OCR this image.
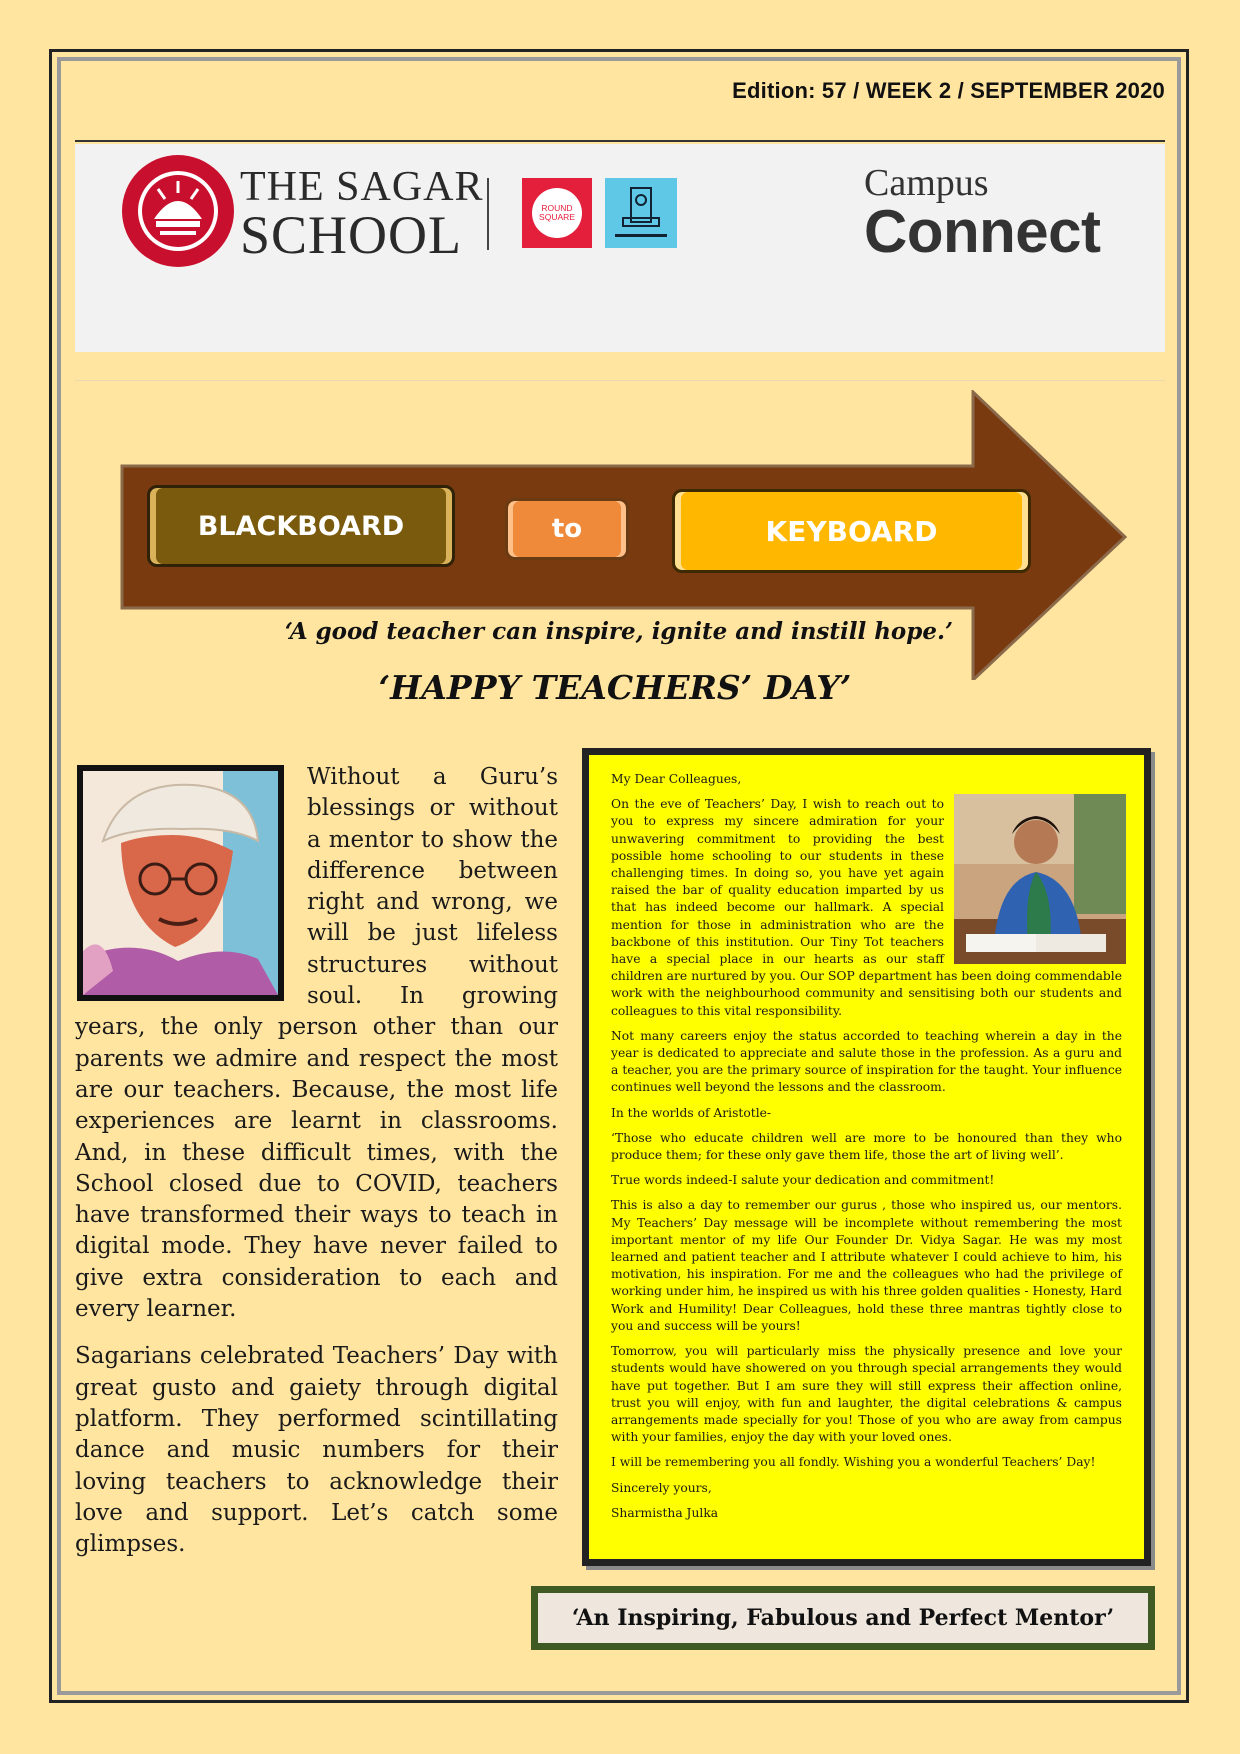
Edition: 57 / WEEK 2 / SEPTEMBER 2020
THE SAGAR
SCHOOL	ROUND SQUARE
Campus
Connect
BLACKBOARD	to	KEYBOARD
‘A good teacher can inspire, ignite and instill hope.’
‘HAPPY TEACHERS’ DAY’

Without a Guru’s blessings or without a mentor to show the difference between right and wrong, we will be just lifeless structures without soul. In growing years, the only person other than our parents we admire and respect the most are our teachers. Because, the most life experiences are learnt in classrooms. And, in these difficult times, with the School closed due to COVID, teachers have transformed their ways to teach in digital mode. They have never failed to give extra consideration to each and every learner.

Sagarians celebrated Teachers’ Day with great gusto and gaiety through digital platform. They performed scintillating dance and music numbers for their loving teachers to acknowledge their love and support. Let’s catch some glimpses.

My Dear Colleagues,

On the eve of Teachers’ Day, I wish to reach out to you to express my sincere admiration for your unwavering commitment to providing the best possible home schooling to our students in these challenging times. In doing so, you have yet again raised the bar of quality education imparted by us that has indeed become our hallmark. A special mention for those in administration who are the backbone of this institution. Our Tiny Tot teachers have a special place in our hearts as our staff children are nurtured by you. Our SOP department has been doing commendable work with the neighbourhood community and sensitising both our students and colleagues to this vital responsibility.

Not many careers enjoy the status accorded to teaching wherein a day in the year is dedicated to appreciate and salute those in the profession. As a guru and a teacher, you are the primary source of inspiration for the taught. Your influence continues well beyond the lessons and the classroom.

In the worlds of Aristotle-

‘Those who educate children well are more to be honoured than they who produce them; for these only gave them life, those the art of living well’.

True words indeed-I salute your dedication and commitment!

This is also a day to remember our gurus , those who inspired us, our mentors. My Teachers’ Day message will be incomplete without remembering the most important mentor of my life Our Founder Dr. Vidya Sagar. He was my most learned and patient teacher and I attribute whatever I could achieve to him, his motivation, his inspiration. For me and the colleagues who had the privilege of working under him, he inspired us with his three golden qualities - Honesty, Hard Work and Humility! Dear Colleagues, hold these three mantras tightly close to you and success will be yours!

Tomorrow, you will particularly miss the physically presence and love your students would have showered on you through special arrangements they would have put together. But I am sure they will still express their affection online, trust you will enjoy, with fun and laughter, the digital celebrations & campus arrangements made specially for you! Those of you who are away from campus with your families, enjoy the day with your loved ones.

I will be remembering you all fondly. Wishing you a wonderful Teachers’ Day!

Sincerely yours,

Sharmistha Julka

‘An Inspiring, Fabulous and Perfect Mentor’
